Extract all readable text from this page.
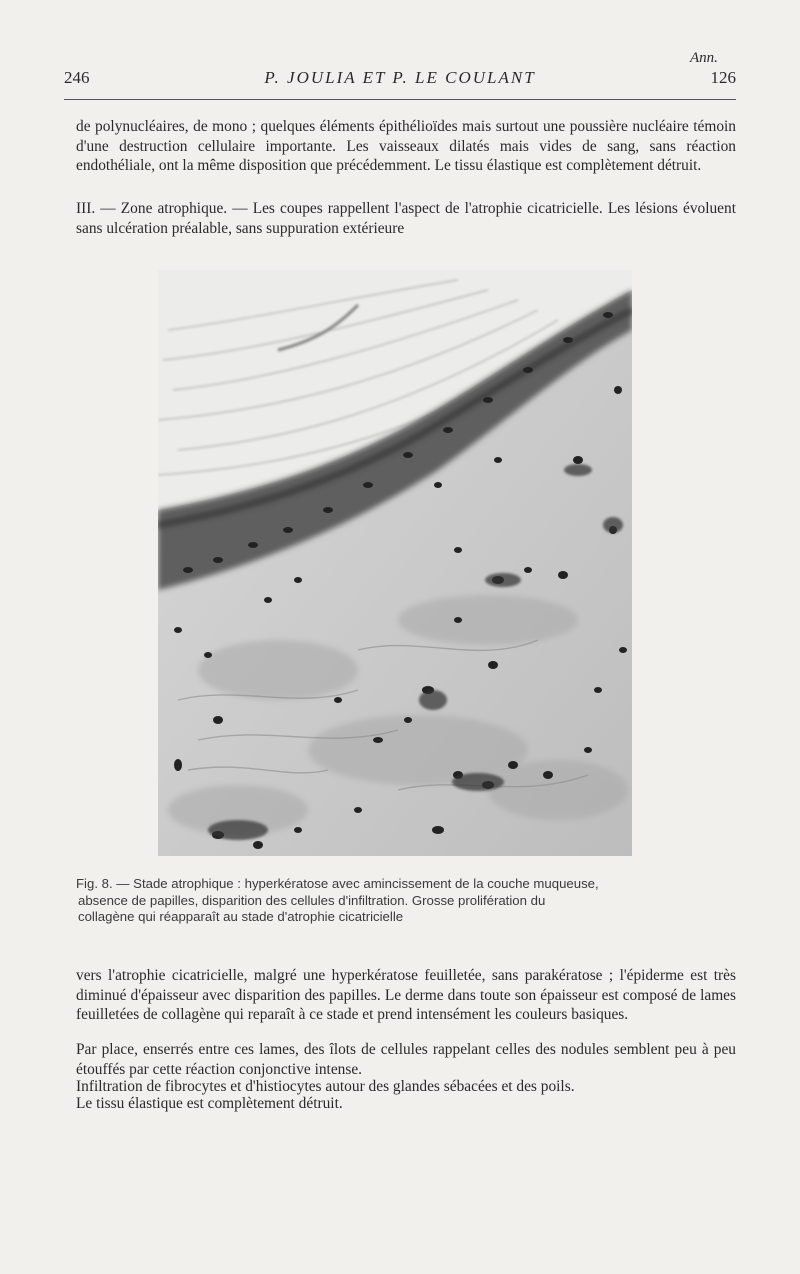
Ann.
246	P. JOULIA ET P. LE COULANT	126

de polynucléaires, de mono ; quelques éléments épithélioïdes mais surtout une poussière nucléaire témoin d'une destruction cellulaire importante. Les vaisseaux dilatés mais vides de sang, sans réaction endothéliale, ont la même disposition que précédemment. Le tissu élastique est complètement détruit.

III. — Zone atrophique. — Les coupes rappellent l'aspect de l'atrophie cicatricielle. Les lésions évoluent sans ulcération préalable, sans suppuration extérieure

Fig. 8. — Stade atrophique : hyperkératose avec amincissement de la couche muqueuse,
absence de papilles, disparition des cellules d'infiltration. Grosse prolifération du
collagène qui réapparaît au stade d'atrophie cicatricielle

vers l'atrophie cicatricielle, malgré une hyperkératose feuilletée, sans parakératose ; l'épiderme est très diminué d'épaisseur avec disparition des papilles. Le derme dans toute son épaisseur est composé de lames feuilletées de collagène qui reparaît à ce stade et prend intensément les couleurs basiques.

Par place, enserrés entre ces lames, des îlots de cellules rappelant celles des nodules semblent peu à peu étouffés par cette réaction conjonctive intense.

Infiltration de fibrocytes et d'histiocytes autour des glandes sébacées et des poils.

Le tissu élastique est complètement détruit.
